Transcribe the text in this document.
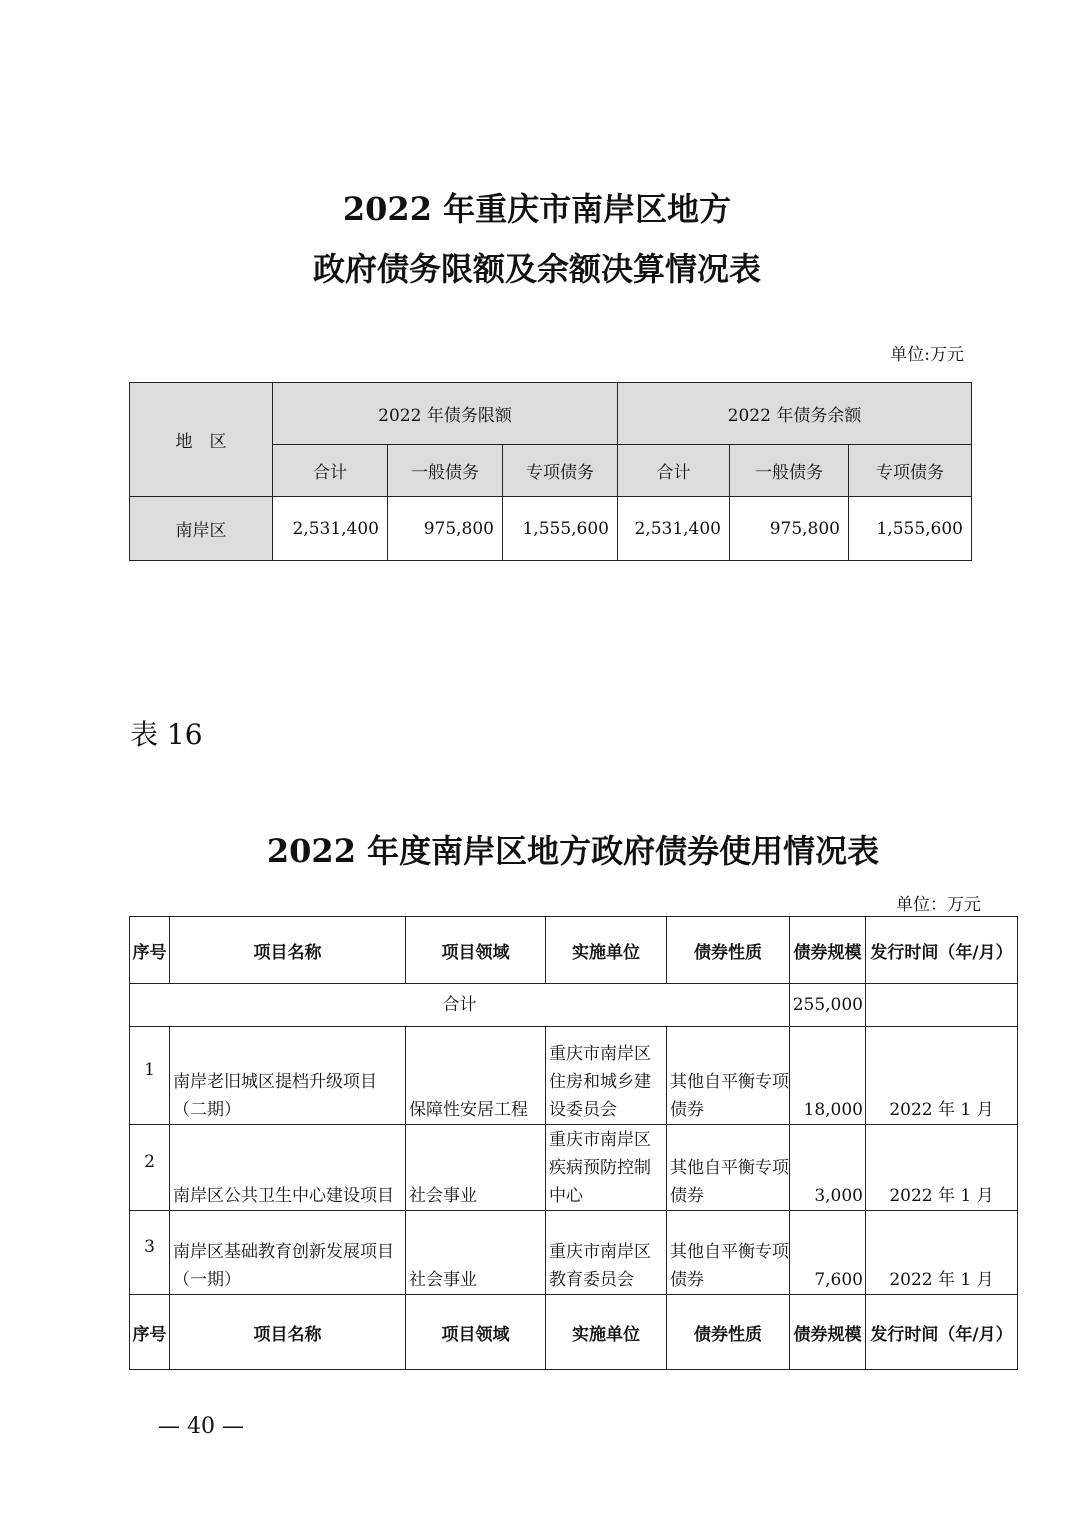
2022 年重庆市南岸区地方
政府债务限额及余额决算情况表
单位:万元
地　区	2022 年债务限额			2022 年债务余额		
	合计	一般债务	专项债务	合计	一般债务	专项债务
南岸区	2,531,400	975,800	1,555,600	2,531,400	975,800	1,555,600
表 16
2022 年度南岸区地方政府债券使用情况表
单位：万元
序号	项目名称	项目领域	实施单位	债券性质	债券规模	发行时间（年/月）
合计					255,000	
1	南岸老旧城区提档升级项目（二期）	保障性安居工程	重庆市南岸区住房和城乡建设委员会	其他自平衡专项债券	18,000	2022 年 1 月
2	南岸区公共卫生中心建设项目	社会事业	重庆市南岸区疾病预防控制中心	其他自平衡专项债券	3,000	2022 年 1 月
3	南岸区基础教育创新发展项目（一期）	社会事业	重庆市南岸区教育委员会	其他自平衡专项债券	7,600	2022 年 1 月
序号	项目名称	项目领域	实施单位	债券性质	债券规模	发行时间（年/月）
— 40 —
